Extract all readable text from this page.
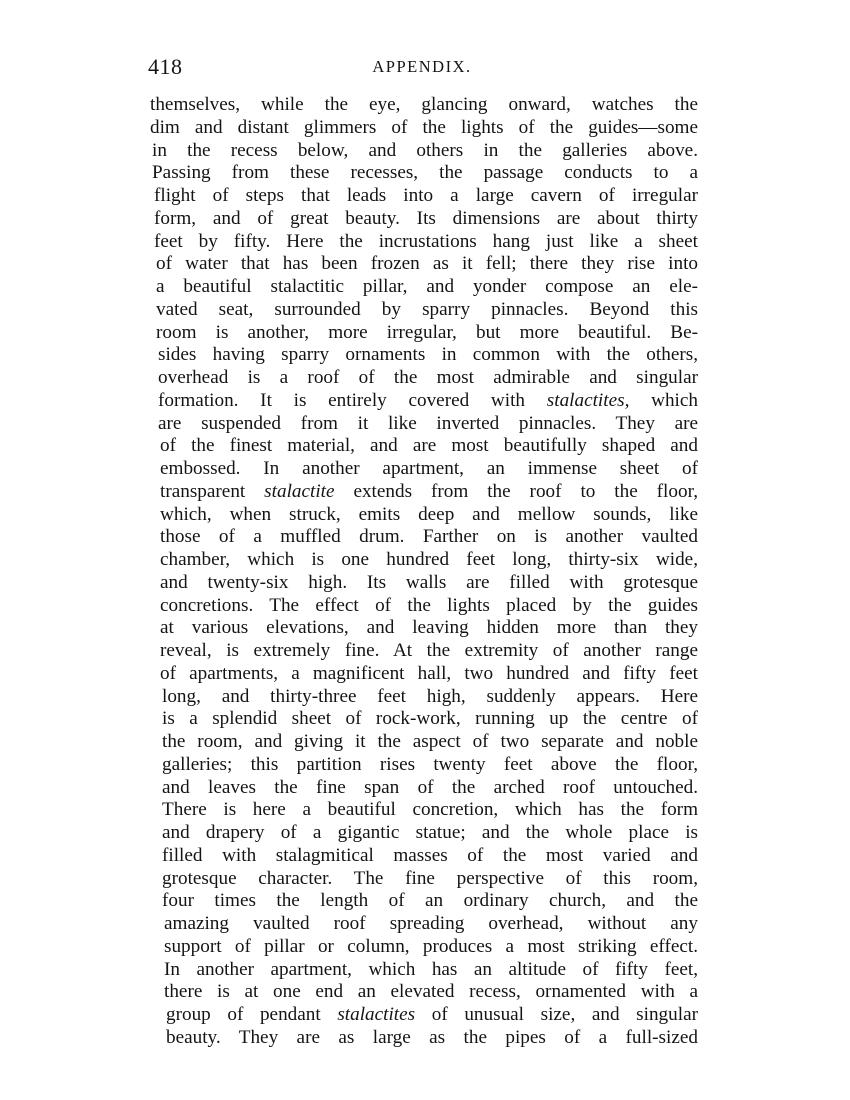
418	APPENDIX.
themselves, while the eye, glancing onward, watches the
dim and distant glimmers of the lights of the guides—some
in the recess below, and others in the galleries above.
Passing from these recesses, the passage conducts to a
flight of steps that leads into a large cavern of irregular
form, and of great beauty. Its dimensions are about thirty
feet by fifty. Here the incrustations hang just like a sheet
of water that has been frozen as it fell; there they rise into
a beautiful stalactitic pillar, and yonder compose an ele-
vated seat, surrounded by sparry pinnacles. Beyond this
room is another, more irregular, but more beautiful. Be-
sides having sparry ornaments in common with the others,
overhead is a roof of the most admirable and singular
formation. It is entirely covered with stalactites, which
are suspended from it like inverted pinnacles. They are
of the finest material, and are most beautifully shaped and
embossed. In another apartment, an immense sheet of
transparent stalactite extends from the roof to the floor,
which, when struck, emits deep and mellow sounds, like
those of a muffled drum. Farther on is another vaulted
chamber, which is one hundred feet long, thirty-six wide,
and twenty-six high. Its walls are filled with grotesque
concretions. The effect of the lights placed by the guides
at various elevations, and leaving hidden more than they
reveal, is extremely fine. At the extremity of another range
of apartments, a magnificent hall, two hundred and fifty feet
long, and thirty-three feet high, suddenly appears. Here
is a splendid sheet of rock-work, running up the centre of
the room, and giving it the aspect of two separate and noble
galleries; this partition rises twenty feet above the floor,
and leaves the fine span of the arched roof untouched.
There is here a beautiful concretion, which has the form
and drapery of a gigantic statue; and the whole place is
filled with stalagmitical masses of the most varied and
grotesque character. The fine perspective of this room,
four times the length of an ordinary church, and the
amazing vaulted roof spreading overhead, without any
support of pillar or column, produces a most striking effect.
In another apartment, which has an altitude of fifty feet,
there is at one end an elevated recess, ornamented with a
group of pendant stalactites of unusual size, and singular
beauty. They are as large as the pipes of a full-sized
